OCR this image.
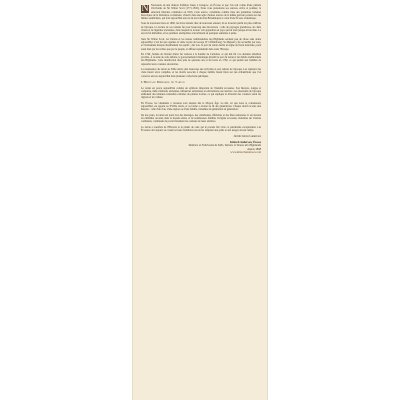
N Nouveaux en une maison d'édition basée à Glasgow, en Écosse et que l'on sait connu d'une pléiade d'écrivains de Sir Walter Scott (1771-1832). Nous vous présentons ses œuvres, écrits et poèmes; la sélection littéraire commence en 1816. Cette œuvre, considérée comme l'une des premières romanes historiques de la littérature occidentale, s'inscrit dans une série d'autres œuvres de la même période portées sur des thèmes semblables, qui font aujourd'hui encore du nord des Îles Britanniques le cœur d'une Écosse romantique.

Sous de nouveaux titres en 1860, les livres étaient chez de nouveaux auteurs; ils se trouvent parmi les plus célèbres de l'époque. La lecture de ces romans fut pour beaucoup une découverte : celle de paysages grandioses, de clans rivaux et de légendes anciennes, dans lesquels le lecteur voit apparaître un pays qui lui était jusque-là inconnu. Le succès fut immédiat, et les premiers exemplaires s'arrachèrent en quelques semaines à peine.

Sans Sir Walter Scott, les Tartans et les tenues traditionnelles des Highlands seraient peu de chose sans doute aujourd'hui. C'est lui qui organisa la visite royale de George IV à Édimbourg. Sa Majesté y fut accueillie par tous, et l'événement marqua durablement les esprits ; dès lors, le port du tartan devint un signe de fierté nationale, porté aussi bien par les nobles que par le peuple, et diffusé rapidement dans toute l'Europe.

En 1746, l'armée de Charles Stuart fut vaincue à la bataille de Culloden, ce qui mit fin à la dernière rébellion jacobite. À la suite de cette défaite, le gouvernement britannique interdit le port du tartan et des habits traditionnels des Highlands. Cette interdiction dura près de quarante ans et fut levée en 1782, ce qui permit aux familles de reprendre leurs couleurs ancestrales.

La renaissance du tartan au XIXe siècle doit beaucoup aux écrivains et aux artistes de l'époque. Les registres des clans furent alors compilés, et les motifs associés à chaque famille furent fixés sur des échantillons que l'on conserve encore aujourd'hui dans plusieurs collections publiques.

L'Héritage Mémoriel du Tartan

Le tartan est perçu aujourd'hui comme un symbole important de l'identité écossaise. Son histoire, longue et complexe, mêle traditions anciennes, influences extérieures et réinventions successives. Les tisserands de l'époque utilisaient des teintures naturelles extraites de plantes locales, ce qui explique la diversité des couleurs selon les régions et les vallées.

En Écosse, les vêtements à carreaux sont attestés dès le Moyen Âge. Le kilt, tel que nous le connaissons aujourd'hui, est apparu au XVIIIe siècle, et sa forme a évolué au fil des générations. Chaque motif raconte une histoire : celle d'un clan, d'une région ou d'une famille, transmise de génération en génération.

De nos jours, le tartan est porté lors des mariages, des cérémonies officielles et des fêtes nationales. Il est devenu un emblème reconnu dans le monde entier, et de nombreuses familles d'origine écossaise, installées sur d'autres continents, continuent de porter fièrement les couleurs de leurs ancêtres.

Le tartan a toutefois de l'Histoire et le plaisir de ceux qui le portent fait vivre ce patrimoine exceptionnel. Les Écossais ont toujours su conserver leurs traditions tout en les adaptant aux goûts et aux usages de leur temps.

Deirdre Kinloch Anderson
Kinloch Anderson, Écosse
Tailleurs et Fabricants de Kilts, Tartans et Tenues des Highlands
depuis 1868
www.kinlochanderson.com
